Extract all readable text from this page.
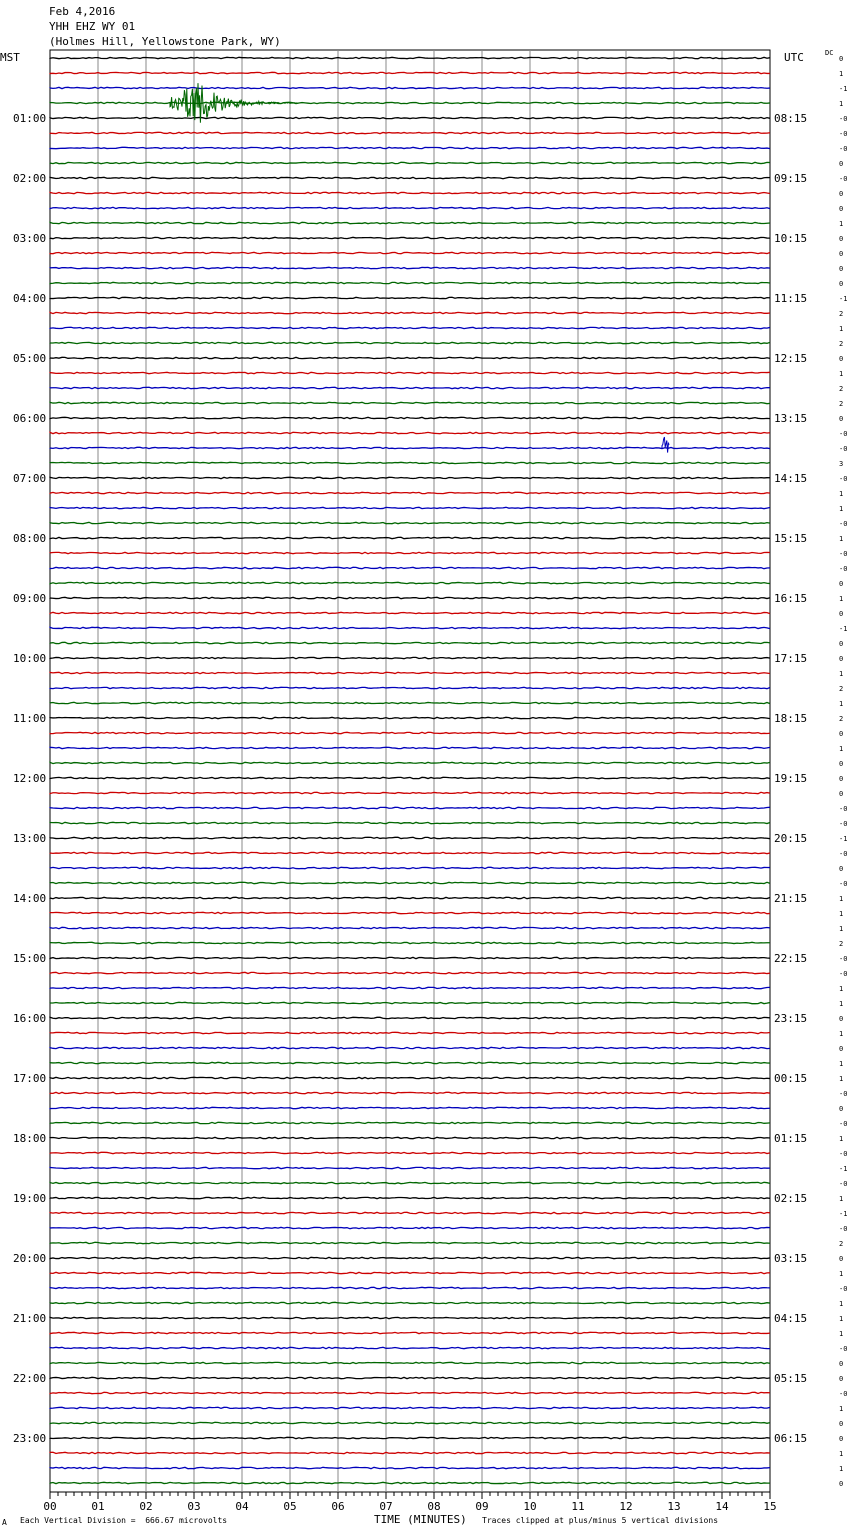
Feb 4,2016
YHH EHZ WY 01
(Holmes Hill, Yellowstone Park, WY)
MST	UTC	DC
01:00
02:00
03:00
04:00
05:00
06:00
07:00
08:00
09:00
10:00
11:00
12:00
13:00
14:00
15:00
16:00
17:00
18:00
19:00
20:00
21:00
22:00
23:00
08:15
09:15
10:15
11:15
12:15
13:15
14:15
15:15
16:15
17:15
18:15
19:15
20:15
21:15
22:15
23:15
00:15
01:15
02:15
03:15
04:15
05:15
06:15
0
1
-1
1
-0
-0
-0
0
-0
0
0
1
0
0
0
0
-1
2
1
2
0
1
2
2
0
-0
-0
3
-0
1
1
-0
1
-0
-0
0
1
0
-1
0
0
1
2
1
2
0
1
0
0
0
-0
-0
-1
-0
0
-0
1
1
1
2
-0
-0
1
1
0
1
0
1
1
-0
0
-0
1
-0
-1
-0
1
-1
-0
2
0
1
-0
1
1
1
-0
0
0
-0
1
0
0
1
1
0
00	01	02	03	04	05	06	07	08	09	10	11	12	13	14	15
A Each Vertical Division =  666.67 microvolts	TIME (MINUTES) Traces clipped at plus/minus 5 vertical divisions
